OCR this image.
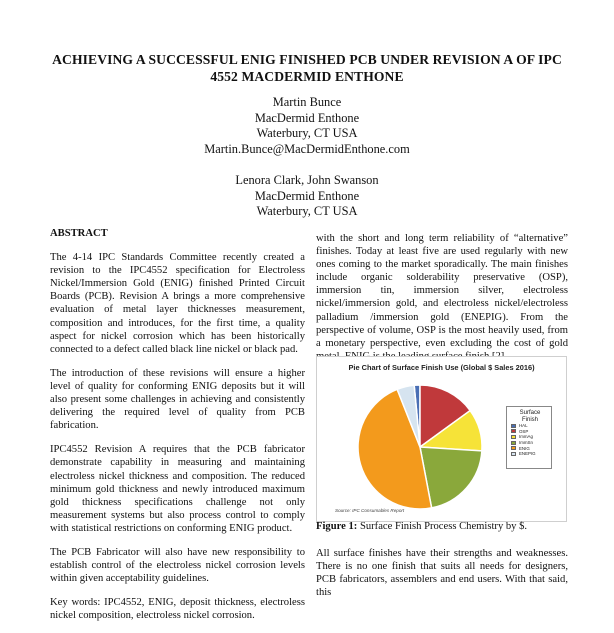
ACHIEVING A SUCCESSFUL ENIG FINISHED PCB UNDER REVISION A OF IPC 4552 MACDERMID ENTHONE
Martin Bunce
MacDermid Enthone
Waterbury, CT USA
Martin.Bunce@MacDermidEnthone.com
Lenora Clark, John Swanson
MacDermid Enthone
Waterbury, CT USA

ABSTRACT

The 4-14 IPC Standards Committee recently created a revision to the IPC4552 specification for Electroless Nickel/Immersion Gold (ENIG) finished Printed Circuit Boards (PCB). Revision A brings a more comprehensive evaluation of metal layer thicknesses measurement, composition and introduces, for the first time, a quality aspect for nickel corrosion which has been historically connected to a defect called black line nickel or black pad.

The introduction of these revisions will ensure a higher level of quality for conforming ENIG deposits but it will also present some challenges in achieving and consistently delivering the required level of quality from PCB fabrication.

IPC4552 Revision A requires that the PCB fabricator demonstrate capability in measuring and maintaining electroless nickel thickness and composition. The reduced minimum gold thickness and newly introduced maximum gold thickness specifications challenge not only measurement systems but also process control to comply with statistical restrictions on conforming ENIG product.

The PCB Fabricator will also have new responsibility to establish control of the electroless nickel corrosion levels within given acceptability guidelines.

Key words: IPC4552, ENIG, deposit thickness, electroless nickel composition, electroless nickel corrosion.

with the short and long term reliability of “alternative” finishes. Today at least five are used regularly with new ones coming to the market sporadically. The main finishes include organic solderability preservative (OSP), immersion tin, immersion silver, electroless nickel/immersion gold, and electroless nickel/electroless palladium /immersion gold (ENEPIG). From the perspective of volume, OSP is the most heavily used, from a monetary perspective, even excluding the cost of gold
Pie Chart of Surface Finish Use (Global $ Sales 2016)
Surface Finish
HAL
OSP
ImmAg
ImmSn
ENIG
ENEPIG
Source: IPC Consumables Report
Figure 1: Surface Finish Process Chemistry by $.
All surface finishes have their strengths and weaknesses. There is no one finish that suits all needs for designers, PCB fabricators, assemblers and end users. With that said, this
